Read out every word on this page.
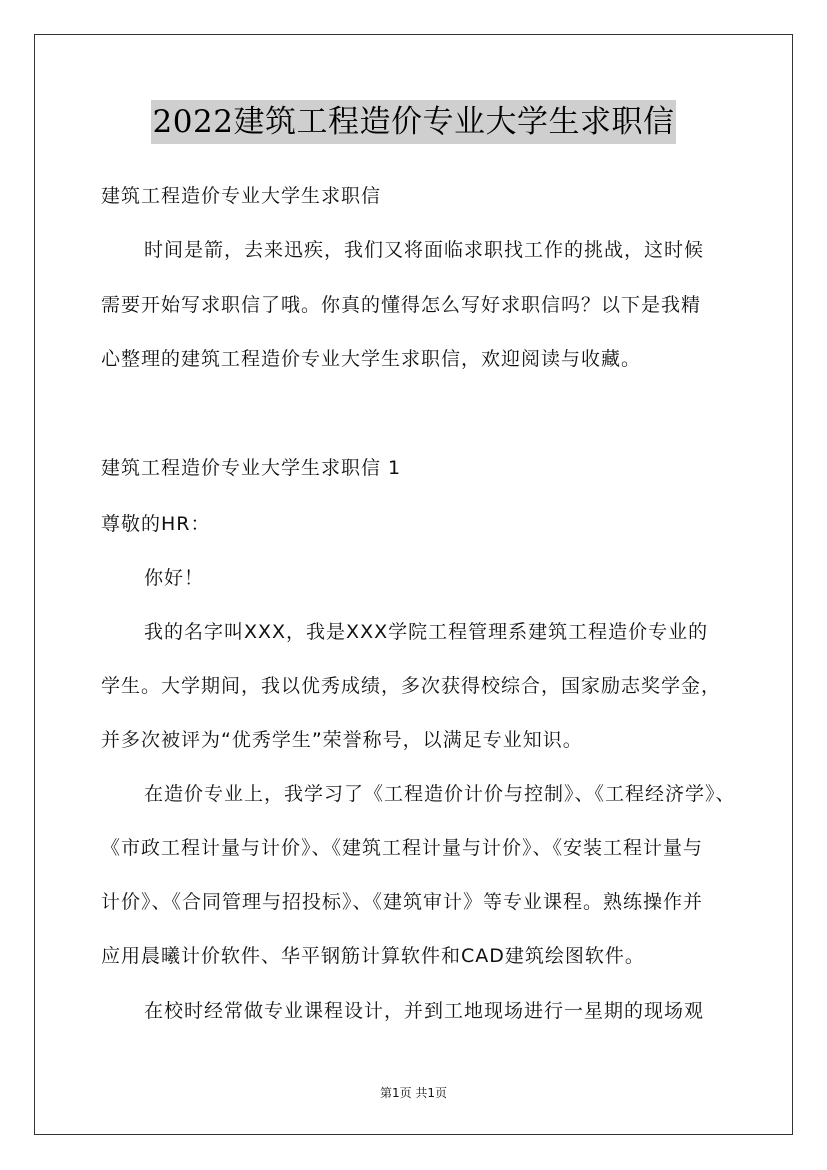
2022建筑工程造价专业大学生求职信
建筑工程造价专业大学生求职信
时间是箭，去来迅疾，我们又将面临求职找工作的挑战，这时候
需要开始写求职信了哦。你真的懂得怎么写好求职信吗？以下是我精
心整理的建筑工程造价专业大学生求职信，欢迎阅读与收藏。
建筑工程造价专业大学生求职信 1
尊敬的HR：
你好！
我的名字叫XXX，我是XXX学院工程管理系建筑工程造价专业的
学生。大学期间，我以优秀成绩，多次获得校综合，国家励志奖学金，
并多次被评为“优秀学生”荣誉称号，以满足专业知识。
在造价专业上，我学习了《工程造价计价与控制》、《工程经济学》、
《市政工程计量与计价》、《建筑工程计量与计价》、《安装工程计量与
计价》、《合同管理与招投标》、《建筑审计》等专业课程。熟练操作并
应用晨曦计价软件、华平钢筋计算软件和CAD建筑绘图软件。
在校时经常做专业课程设计，并到工地现场进行一星期的现场观
第1页 共1页
